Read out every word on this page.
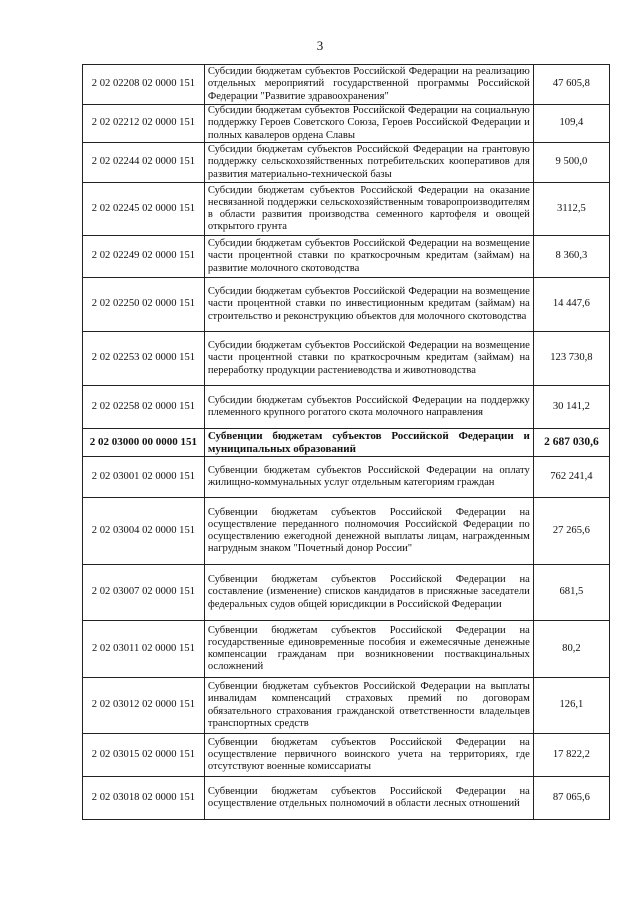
3
2 02 02208 02 0000 151	Субсидии бюджетам субъектов Российской Федерации на реализацию отдельных мероприятий государственной программы Российской Федерации "Развитие здравоохранения"	47 605,8
2 02 02212 02 0000 151	Субсидии бюджетам субъектов Российской Федерации на социальную поддержку Героев Советского Союза, Героев Российской Федерации и полных кавалеров ордена Славы	109,4
2 02 02244 02 0000 151	Субсидии бюджетам субъектов Российской Федерации на грантовую поддержку сельскохозяйственных потребительских кооперативов для развития материально-технической базы	9 500,0
2 02 02245 02 0000 151	Субсидии бюджетам субъектов Российской Федерации на оказание несвязанной поддержки сельскохозяйственным товаропроизводителям в области развития производства семенного картофеля и овощей открытого грунта	3112,5
2 02 02249 02 0000 151	Субсидии бюджетам субъектов Российской Федерации на возмещение части процентной ставки по краткосрочным кредитам (займам) на развитие молочного скотоводства	8 360,3
2 02 02250 02 0000 151	Субсидии бюджетам субъектов Российской Федерации на возмещение части процентной ставки по инвестиционным кредитам (займам) на строительство и реконструкцию объектов для молочного скотоводства	14 447,6
2 02 02253 02 0000 151	Субсидии бюджетам субъектов Российской Федерации на возмещение части процентной ставки по краткосрочным кредитам (займам) на переработку продукции растениеводства и животноводства	123 730,8
2 02 02258 02 0000 151	Субсидии бюджетам субъектов Российской Федерации на поддержку племенного крупного рогатого скота молочного направления	30 141,2
2 02 03000 00 0000 151	Субвенции бюджетам субъектов Российской Федерации и муниципальных образований	2 687 030,6
2 02 03001 02 0000 151	Субвенции бюджетам субъектов Российской Федерации на оплату жилищно-коммунальных услуг отдельным категориям граждан	762 241,4
2 02 03004 02 0000 151	Субвенции бюджетам субъектов Российской Федерации на осуществление переданного полномочия Российской Федерации по осуществлению ежегодной денежной выплаты лицам, награжденным нагрудным знаком "Почетный донор России"	27 265,6
2 02 03007 02 0000 151	Субвенции бюджетам субъектов Российской Федерации на составление (изменение) списков кандидатов в присяжные заседатели федеральных судов общей юрисдикции в Российской Федерации	681,5
2 02 03011 02 0000 151	Субвенции бюджетам субъектов Российской Федерации на государственные единовременные пособия и ежемесячные денежные компенсации гражданам при возникновении поствакцинальных осложнений	80,2
2 02 03012 02 0000 151	Субвенции бюджетам субъектов Российской Федерации на выплаты инвалидам компенсаций страховых премий по договорам обязательного страхования гражданской ответственности владельцев транспортных средств	126,1
2 02 03015 02 0000 151	Субвенции бюджетам субъектов Российской Федерации на осуществление первичного воинского учета на территориях, где отсутствуют военные комиссариаты	17 822,2
2 02 03018 02 0000 151	Субвенции бюджетам субъектов Российской Федерации на осуществление отдельных полномочий в области лесных отношений	87 065,6
